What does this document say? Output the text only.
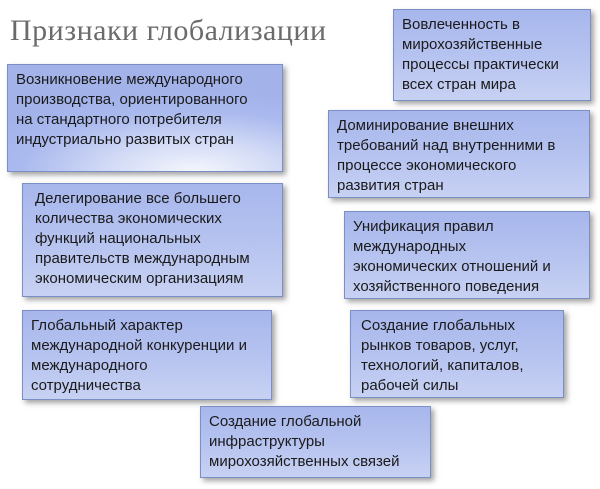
Признаки глобализации
Возникновение международного
производства, ориентированного
на стандартного потребителя
индустриально развитых стран
Делегирование все большего
количества экономических
функций национальных
правительств международным
экономическим организациям
Глобальный характер
международной конкуренции и
международного
сотрудничества
Вовлеченность в
мирохозяйственные
процессы практически
всех стран мира
Доминирование внешних
требований над внутренними в
процессе экономического
развития стран
Унификация правил
международных
экономических отношений и
хозяйственного поведения
Создание глобальных
рынков товаров, услуг,
технологий, капиталов,
рабочей силы
Создание глобальной
инфраструктуры
мирохозяйственных связей
